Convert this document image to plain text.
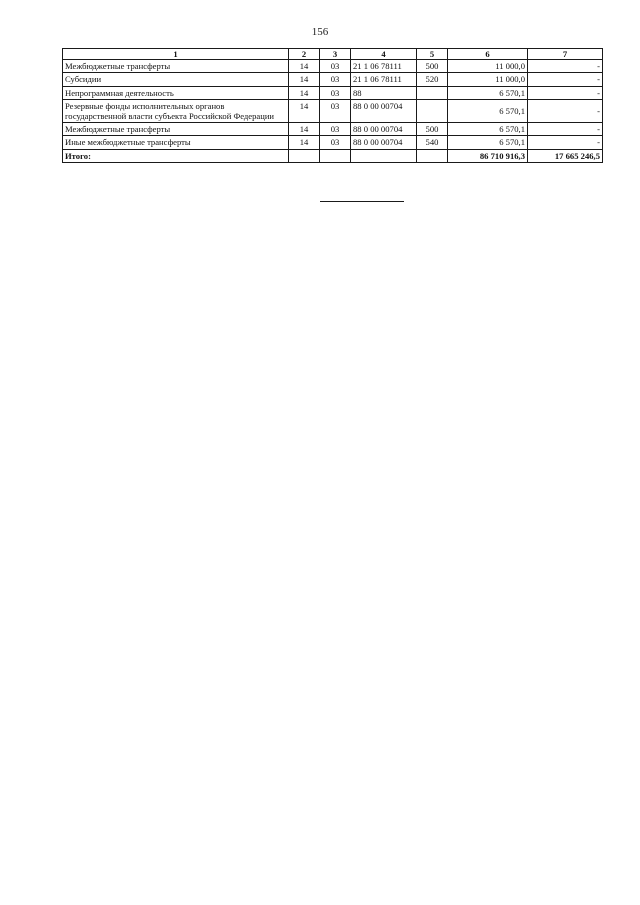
156
1	2	3	4	5	6	7
Межбюджетные трансферты	14	03	21 1 06 78111	500	11 000,0	-
Субсидии	14	03	21 1 06 78111	520	11 000,0	-
Непрограммная деятельность	14	03	88		6 570,1	-
Резервные фонды исполнительных органов государственной власти субъекта Российской Федерации	14	03	88 0 00 00704		6 570,1	-
Межбюджетные трансферты	14	03	88 0 00 00704	500	6 570,1	-
Иные межбюджетные трансферты	14	03	88 0 00 00704	540	6 570,1	-
Итого:					86 710 916,3	17 665 246,5
